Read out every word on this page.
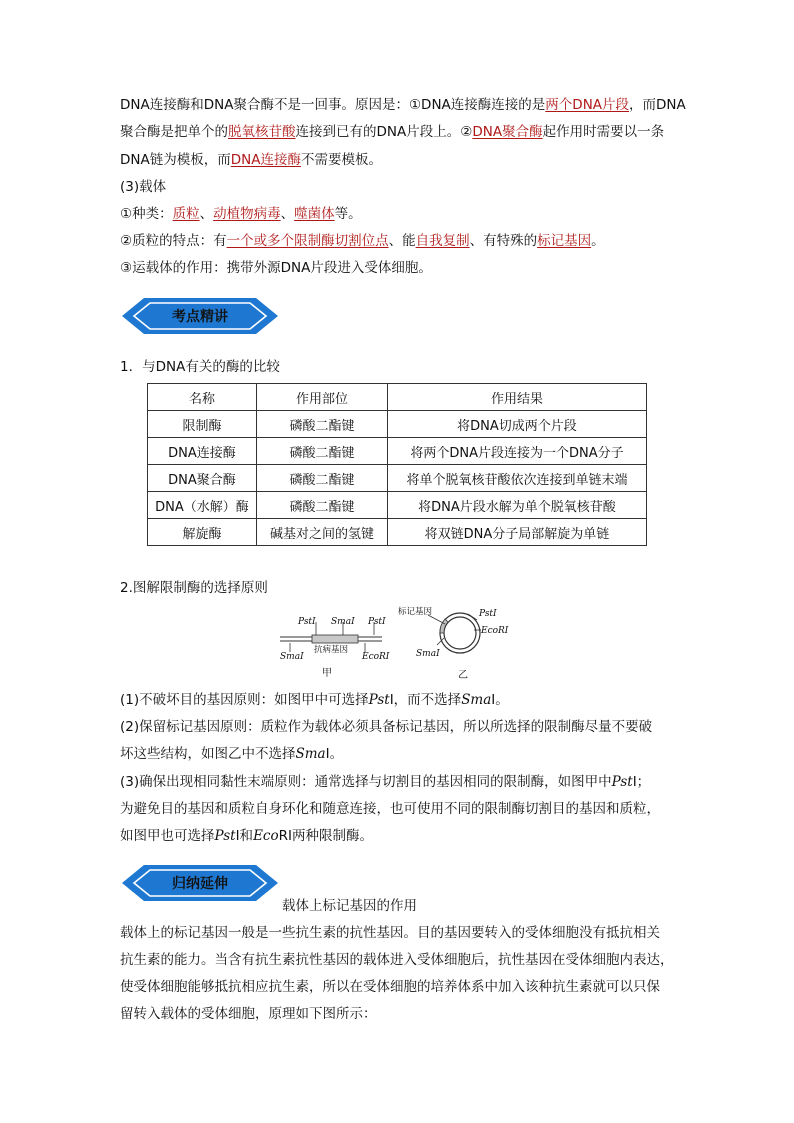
DNA连接酶和DNA聚合酶不是一回事。原因是：①DNA连接酶连接的是两个DNA片段，而DNA
聚合酶是把单个的脱氧核苷酸连接到已有的DNA片段上。②DNA聚合酶起作用时需要以一条
DNA链为模板，而DNA连接酶不需要模板。
(3)载体
①种类：质粒、动植物病毒、噬菌体等。
②质粒的特点：有一个或多个限制酶切割位点、能自我复制、有特殊的标记基因。
③运载体的作用：携带外源DNA片段进入受体细胞。
考点精讲
1．与DNA有关的酶的比较
名称	作用部位	作用结果
限制酶	磷酸二酯键	将DNA切成两个片段
DNA连接酶	磷酸二酯键	将两个DNA片段连接为一个DNA分子
DNA聚合酶	磷酸二酯键	将单个脱氧核苷酸依次连接到单链末端
DNA（水解）酶	磷酸二酯键	将DNA片段水解为单个脱氧核苷酸
解旋酶	碱基对之间的氢键	将双链DNA分子局部解旋为单链
2.图解限制酶的选择原则
PstⅠ SmaⅠ PstⅠ
SmaⅠ
抗病基因
EcoRⅠ
甲
标记基因	PstⅠ
EcoRⅠ
SmaⅠ
乙
(1)不破坏目的基因原则：如图甲中可选择PstⅠ，而不选择SmaⅠ。
(2)保留标记基因原则：质粒作为载体必须具备标记基因，所以所选择的限制酶尽量不要破
坏这些结构，如图乙中不选择SmaⅠ。
(3)确保出现相同黏性末端原则：通常选择与切割目的基因相同的限制酶，如图甲中PstⅠ；
为避免目的基因和质粒自身环化和随意连接，也可使用不同的限制酶切割目的基因和质粒，
如图甲也可选择PstⅠ和EcoRⅠ两种限制酶。
归纳延伸
载体上标记基因的作用
载体上的标记基因一般是一些抗生素的抗性基因。目的基因要转入的受体细胞没有抵抗相关
抗生素的能力。当含有抗生素抗性基因的载体进入受体细胞后，抗性基因在受体细胞内表达，
使受体细胞能够抵抗相应抗生素，所以在受体细胞的培养体系中加入该种抗生素就可以只保
留转入载体的受体细胞，原理如下图所示：
